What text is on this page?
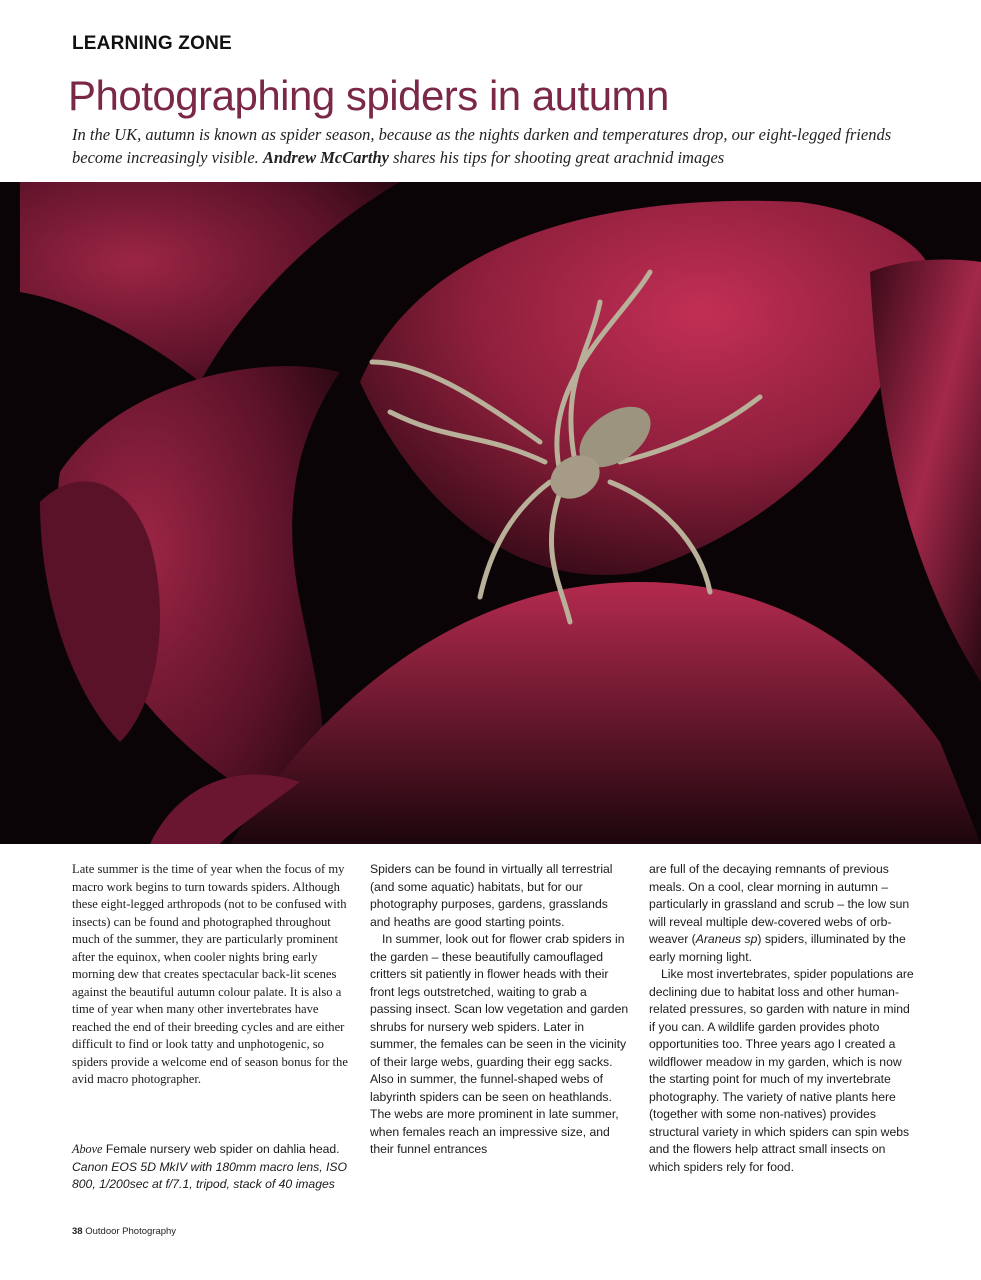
LEARNING ZONE
Photographing spiders in autumn

In the UK, autumn is known as spider season, because as the nights darken and temperatures drop, our eight-legged friends become increasingly visible. Andrew McCarthy shares his tips for shooting great arachnid images

Late summer is the time of year when the focus of my macro work begins to turn towards spiders. Although these eight-legged arthropods (not to be confused with insects) can be found and photographed throughout much of the summer, they are particularly prominent after the equinox, when cooler nights bring early morning dew that creates spectacular back-lit scenes against the beautiful autumn colour palate. It is also a time of year when many other invertebrates have reached the end of their breeding cycles and are either difficult to find or look tatty and unphotogenic, so spiders provide a welcome end of season bonus for the avid macro photographer.

Above Female nursery web spider on dahlia head. Canon EOS 5D MkIV with 180mm macro lens, ISO 800, 1/200sec at f/7.1, tripod, stack of 40 images

Spiders can be found in virtually all terrestrial (and some aquatic) habitats, but for our photography purposes, gardens, grasslands and heaths are good starting points.

In summer, look out for flower crab spiders in the garden – these beautifully camouflaged critters sit patiently in flower heads with their front legs outstretched, waiting to grab a passing insect. Scan low vegetation and garden shrubs for nursery web spiders. Later in summer, the females can be seen in the vicinity of their large webs, guarding their egg sacks. Also in summer, the funnel-shaped webs of labyrinth spiders can be seen on heathlands. The webs are more prominent in late summer, when females reach an impressive size, and their funnel entrances

are full of the decaying remnants of previous meals. On a cool, clear morning in autumn – particularly in grassland and scrub – the low sun will reveal multiple dew-covered webs of orb-weaver (Araneus sp) spiders, illuminated by the early morning light.

Like most invertebrates, spider populations are declining due to habitat loss and other human-related pressures, so garden with nature in mind if you can. A wildlife garden provides photo opportunities too. Three years ago I created a wildflower meadow in my garden, which is now the starting point for much of my invertebrate photography. The variety of native plants here (together with some non-natives) provides structural variety in which spiders can spin webs and the flowers help attract small insects on which spiders rely for food.

38 Outdoor Photography
